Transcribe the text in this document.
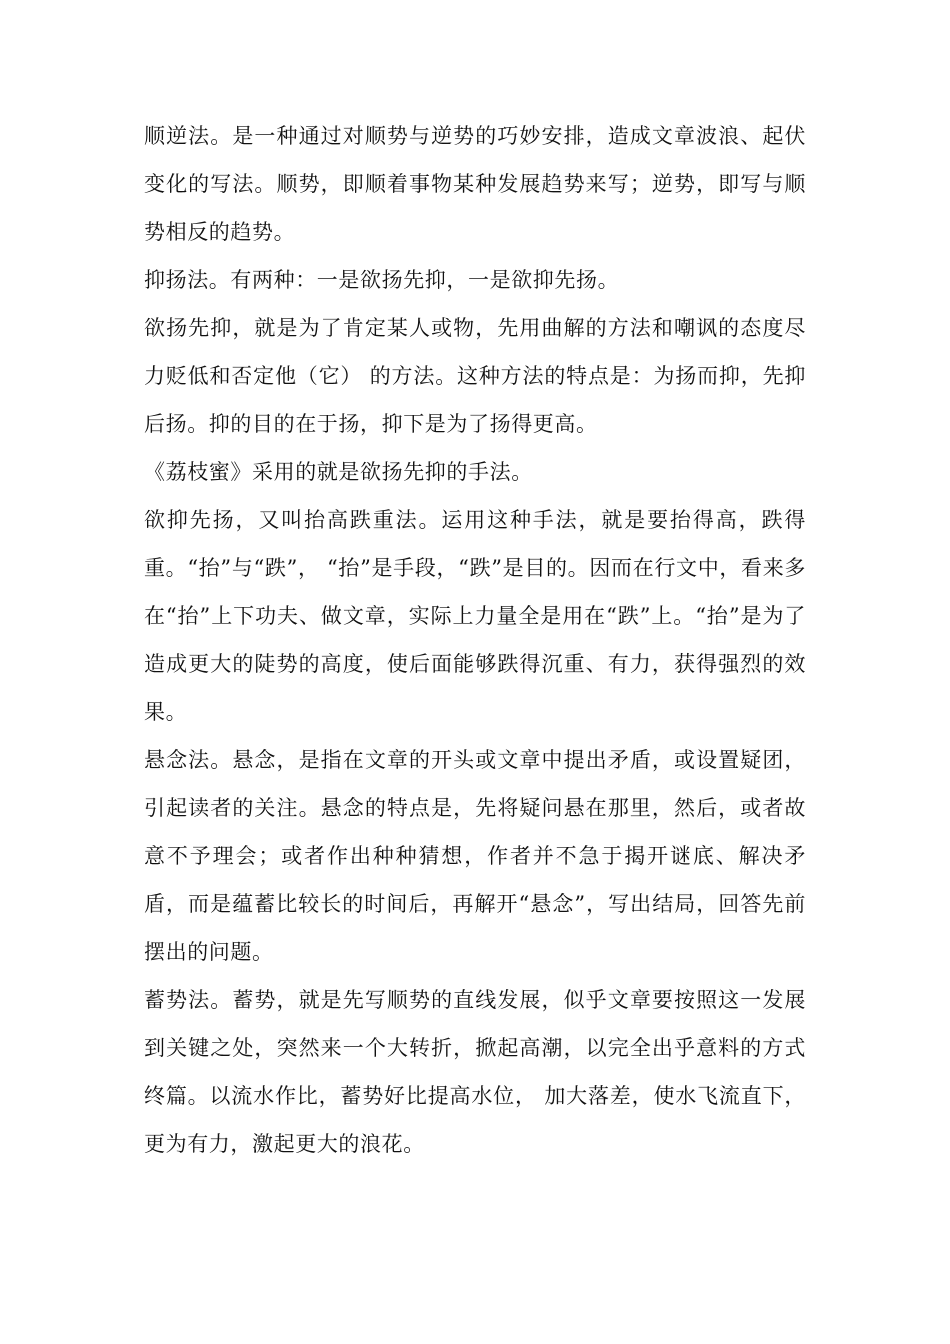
顺逆法。是一种通过对顺势与逆势的巧妙安排，造成文章波浪、起伏变化的写法。顺势，即顺着事物某种发展趋势来写；逆势，即写与顺势相反的趋势。

抑扬法。有两种：一是欲扬先抑，一是欲抑先扬。

欲扬先抑，就是为了肯定某人或物，先用曲解的方法和嘲讽的态度尽力贬低和否定他（它） 的方法。这种方法的特点是：为扬而抑，先抑后扬。抑的目的在于扬，抑下是为了扬得更高。

《荔枝蜜》采用的就是欲扬先抑的手法。

欲抑先扬，又叫抬高跌重法。运用这种手法，就是要抬得高，跌得重。“抬”与“跌”， “抬”是手段，“跌”是目的。因而在行文中，看来多在“抬”上下功夫、做文章，实际上力量全是用在“跌”上。“抬”是为了造成更大的陡势的高度，使后面能够跌得沉重、有力，获得强烈的效果。

悬念法。悬念，是指在文章的开头或文章中提出矛盾，或设置疑团，引起读者的关注。悬念的特点是，先将疑问悬在那里，然后，或者故意不予理会；或者作出种种猜想，作者并不急于揭开谜底、解决矛盾，而是蕴蓄比较长的时间后，再解开“悬念”，写出结局，回答先前摆出的问题。

蓄势法。蓄势，就是先写顺势的直线发展，似乎文章要按照这一发展到关键之处，突然来一个大转折，掀起高潮，以完全出乎意料的方式终篇。以流水作比，蓄势好比提高水位， 加大落差，使水飞流直下，更为有力，激起更大的浪花。
